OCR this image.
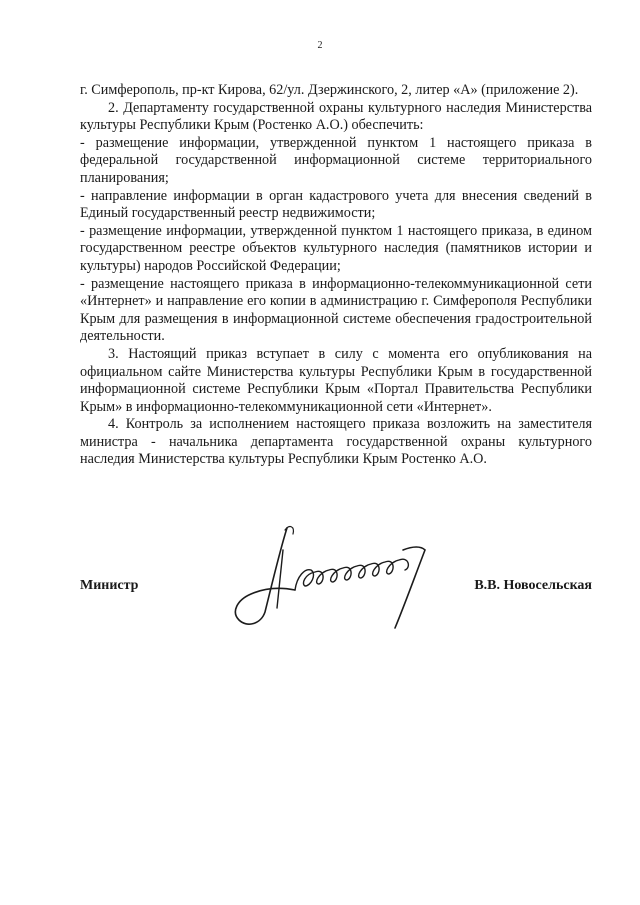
2

г. Симферополь, пр-кт Кирова, 62/ул. Дзержинского, 2, литер «А» (приложение 2).

2. Департаменту государственной охраны культурного наследия Министерства культуры Республики Крым (Ростенко А.О.) обеспечить:

- размещение информации, утвержденной пунктом 1 настоящего приказа в федеральной государственной информационной системе территориального планирования;

- направление информации в орган кадастрового учета для внесения сведений в Единый государственный реестр недвижимости;

- размещение информации, утвержденной пунктом 1 настоящего приказа, в едином государственном реестре объектов культурного наследия (памятников истории и культуры) народов Российской Федерации;

- размещение настоящего приказа в информационно-телекоммуникационной сети «Интернет» и направление его копии в администрацию г. Симферополя Республики Крым для размещения в информационной системе обеспечения градостроительной деятельности.

3. Настоящий приказ вступает в силу с момента его опубликования на официальном сайте Министерства культуры Республики Крым в государственной информационной системе Республики Крым «Портал Правительства Республики Крым» в информационно-телекоммуникационной сети «Интернет».

4. Контроль за исполнением настоящего приказа возложить на заместителя министра - начальника департамента государственной охраны культурного наследия Министерства культуры Республики Крым Ростенко А.О.

Министр	В.В. Новосельская
